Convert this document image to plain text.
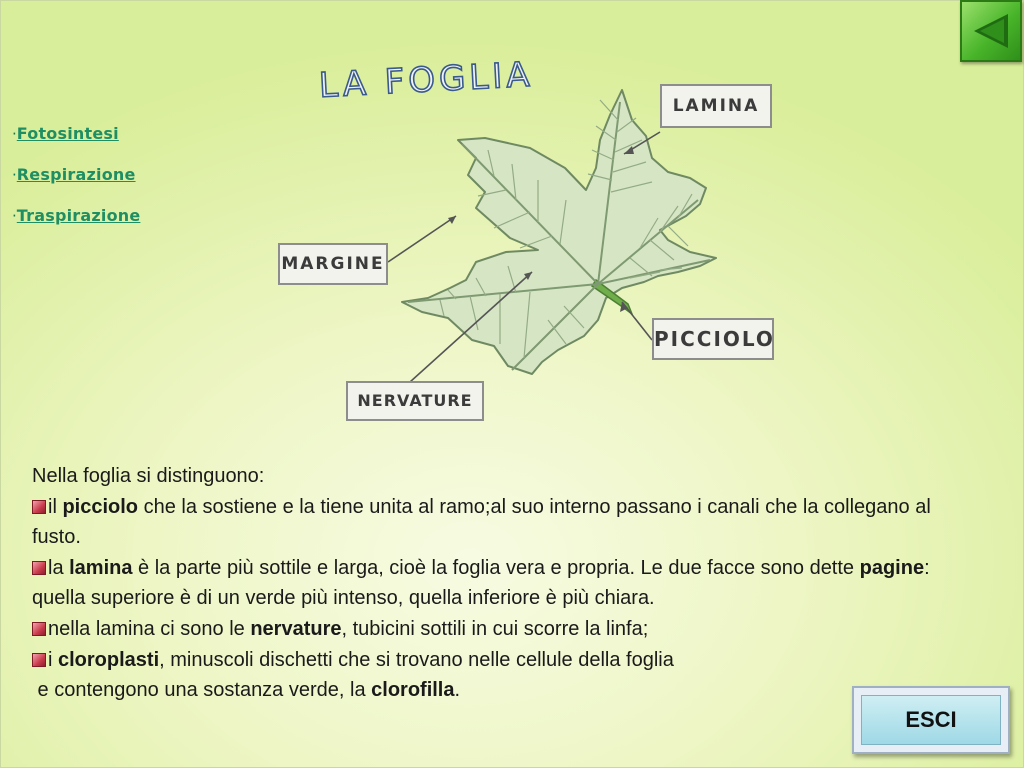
·Fotosintesi
·Respirazione
·Traspirazione
LA FOGLIA
LAMINA
MARGINE
PICCIOLO
NERVATURE
Nella foglia si distinguono:
il picciolo che la sostiene e la tiene unita al ramo;al suo interno passano i canali che la collegano al fusto.
la lamina è la parte più sottile e larga, cioè la foglia vera e propria. Le due facce sono dette pagine: quella superiore è di un verde più intenso, quella inferiore è più chiara.
nella lamina ci sono le nervature, tubicini sottili in cui scorre la linfa;
i cloroplasti, minuscoli dischetti che si trovano nelle cellule della foglia
e contengono una sostanza verde, la clorofilla.
ESCI
